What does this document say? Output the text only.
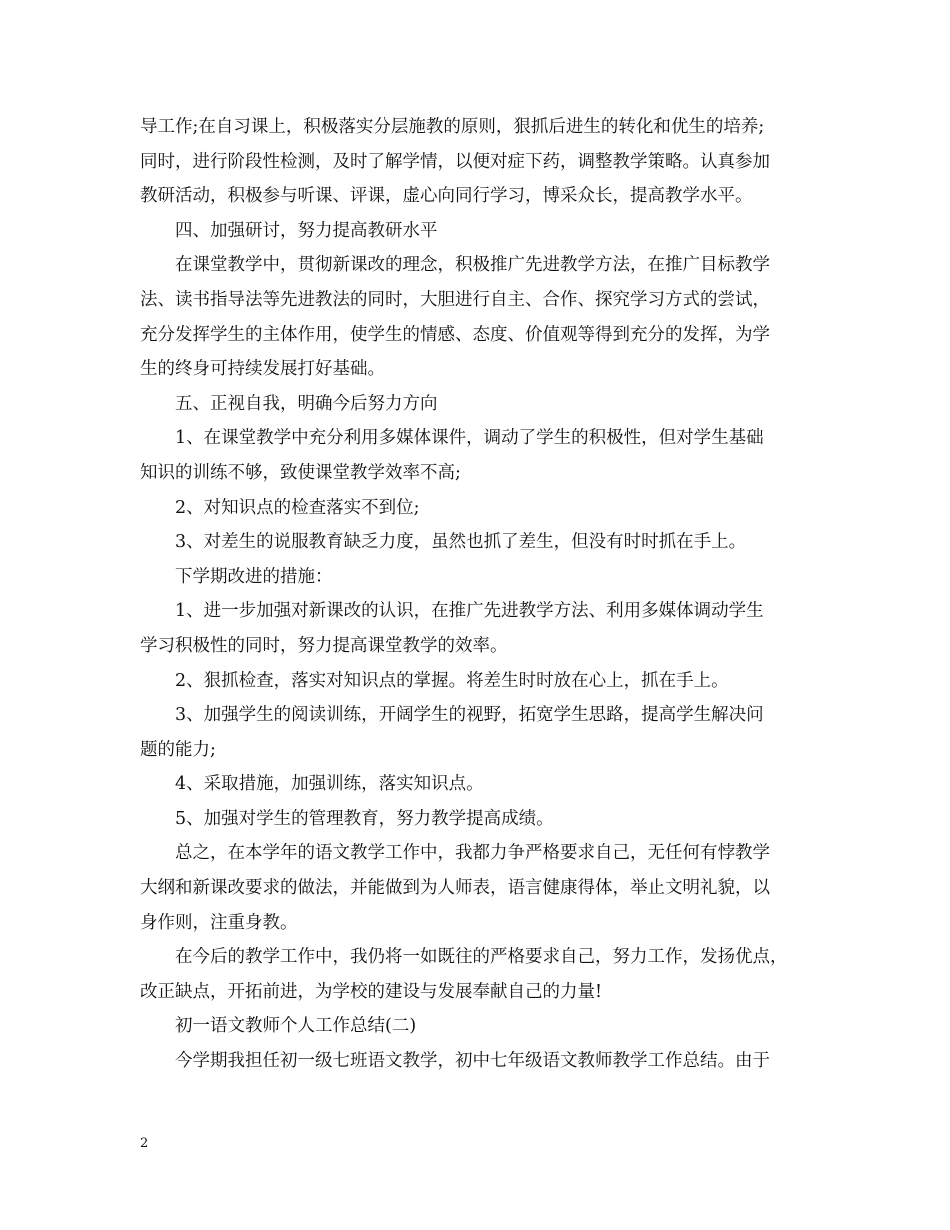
导工作;在自习课上，积极落实分层施教的原则，狠抓后进生的转化和优生的培养;
同时，进行阶段性检测，及时了解学情，以便对症下药，调整教学策略。认真参加
教研活动，积极参与听课、评课，虚心向同行学习，博采众长，提高教学水平。
四、加强研讨，努力提高教研水平
在课堂教学中，贯彻新课改的理念，积极推广先进教学方法，在推广目标教学
法、读书指导法等先进教法的同时，大胆进行自主、合作、探究学习方式的尝试，
充分发挥学生的主体作用，使学生的情感、态度、价值观等得到充分的发挥，为学
生的终身可持续发展打好基础。
五、正视自我，明确今后努力方向
1、在课堂教学中充分利用多媒体课件，调动了学生的积极性，但对学生基础
知识的训练不够，致使课堂教学效率不高;
2、对知识点的检查落实不到位;
3、对差生的说服教育缺乏力度，虽然也抓了差生，但没有时时抓在手上。
下学期改进的措施：
1、进一步加强对新课改的认识，在推广先进教学方法、利用多媒体调动学生
学习积极性的同时，努力提高课堂教学的效率。
2、狠抓检查，落实对知识点的掌握。将差生时时放在心上，抓在手上。
3、加强学生的阅读训练，开阔学生的视野，拓宽学生思路，提高学生解决问
题的能力;
4、采取措施，加强训练，落实知识点。
5、加强对学生的管理教育，努力教学提高成绩。
总之，在本学年的语文教学工作中，我都力争严格要求自己，无任何有悖教学
大纲和新课改要求的做法，并能做到为人师表，语言健康得体，举止文明礼貌，以
身作则，注重身教。
在今后的教学工作中，我仍将一如既往的严格要求自己，努力工作，发扬优点，
改正缺点，开拓前进，为学校的建设与发展奉献自己的力量!
初一语文教师个人工作总结(二)
今学期我担任初一级七班语文教学，初中七年级语文教师教学工作总结。由于
2
